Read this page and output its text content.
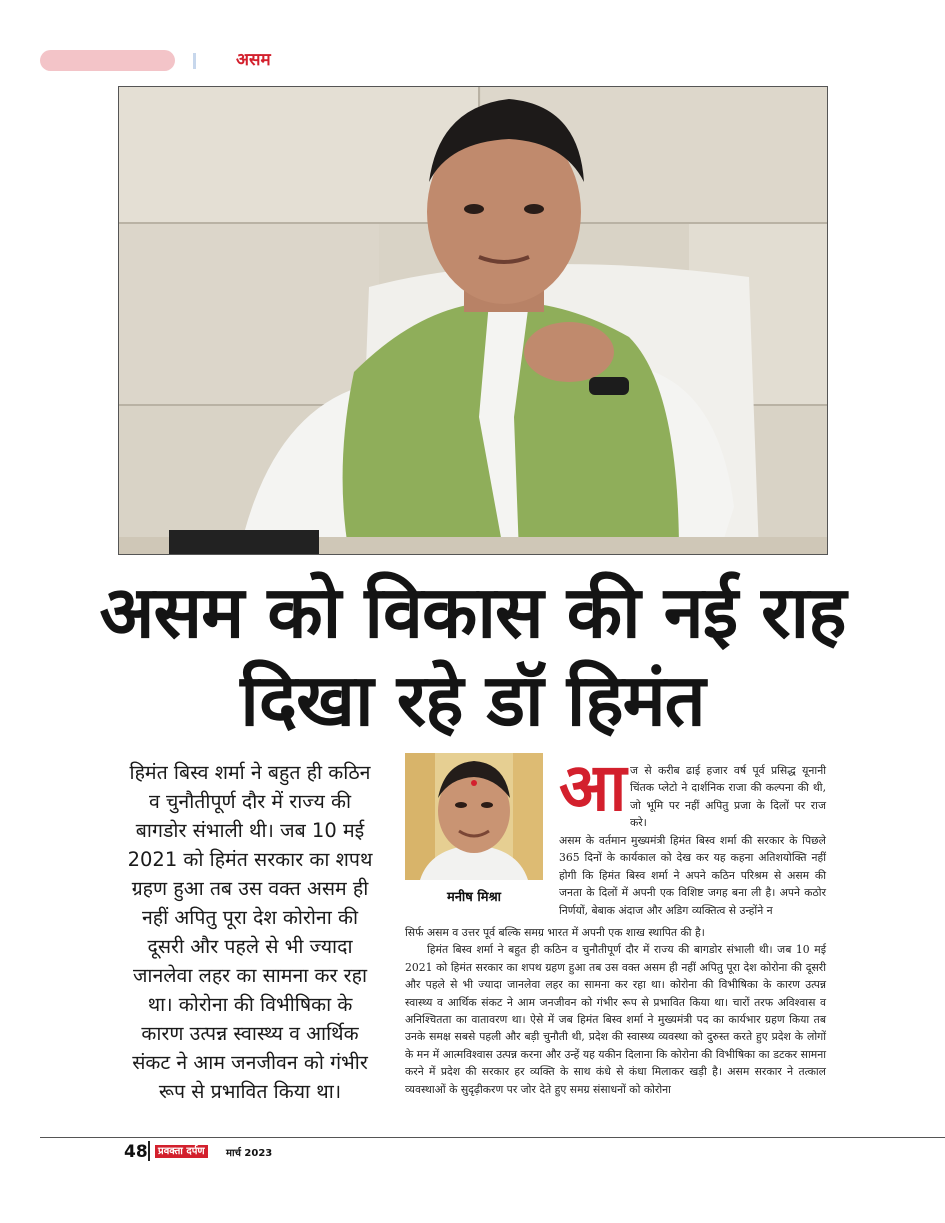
असम
असम को विकास की नई राह
दिखा रहे डॉ हिमंत
हिमंत बिस्व शर्मा ने बहुत ही कठिन व चुनौतीपूर्ण दौर में राज्य की बागडोर संभाली थी। जब 10 मई 2021 को हिमंत सरकार का शपथ ग्रहण हुआ तब उस वक्त असम ही नहीं अपितु पूरा देश कोरोना की दूसरी और पहले से भी ज्यादा जानलेवा लहर का सामना कर रहा था। कोरोना की विभीषिका के कारण उत्पन्न स्वास्थ्य व आर्थिक संकट ने आम जनजीवन को गंभीर रूप से प्रभावित किया था।
मनीष मिश्रा
आ ज से करीब ढाई हजार वर्ष पूर्व प्रसिद्ध यूनानी चिंतक प्लेटो ने दार्शनिक राजा की कल्पना की थी, जो भूमि पर नहीं अपितु प्रजा के दिलों पर राज करे।
असम के वर्तमान मुख्यमंत्री हिमंत बिस्व शर्मा की सरकार के पिछले 365 दिनों के कार्यकाल को देख कर यह कहना अतिशयोक्ति नहीं होगी कि हिमंत बिस्व शर्मा ने अपने कठिन परिश्रम से असम की जनता के दिलों में अपनी एक विशिष्ट जगह बना ली है। अपने कठोर निर्णयों, बेबाक अंदाज और अडिग व्यक्तित्व से उन्होंने न

सिर्फ असम व उत्तर पूर्व बल्कि समग्र भारत में अपनी एक शाख स्थापित की है।

हिमंत बिस्व शर्मा ने बहुत ही कठिन व चुनौतीपूर्ण दौर में राज्य की बागडोर संभाली थी। जब 10 मई 2021 को हिमंत सरकार का शपथ ग्रहण हुआ तब उस वक्त असम ही नहीं अपितु पूरा देश कोरोना की दूसरी और पहले से भी ज्यादा जानलेवा लहर का सामना कर रहा था। कोरोना की विभीषिका के कारण उत्पन्न स्वास्थ्य व आर्थिक संकट ने आम जनजीवन को गंभीर रूप से प्रभावित किया था। चारों तरफ अविश्वास व अनिश्चितता का वातावरण था। ऐसे में जब हिमंत बिस्व शर्मा ने मुख्यमंत्री पद का कार्यभार ग्रहण किया तब उनके समक्ष सबसे पहली और बड़ी चुनौती थी, प्रदेश की स्वास्थ्य व्यवस्था को दुरुस्त करते हुए प्रदेश के लोगों के मन में आत्मविश्वास उत्पन्न करना और उन्हें यह यकीन दिलाना कि कोरोना की विभीषिका का डटकर सामना करने में प्रदेश की सरकार हर व्यक्ति के साथ कंधे से कंधा मिलाकर खड़ी है। असम सरकार ने तत्काल व्यवस्थाओं के सुदृढ़ीकरण पर जोर देते हुए समग्र संसाधनों को कोरोना

48	प्रवक्ता दर्पण	मार्च 2023
